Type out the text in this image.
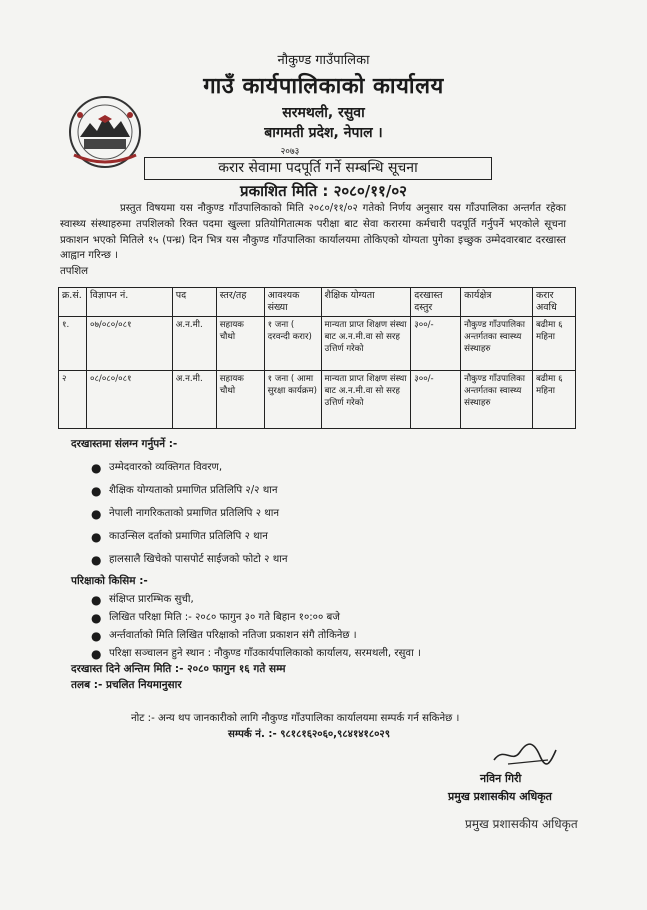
नौकुण्ड गाउँपालिका
गाउँ कार्यपालिकाको कार्यालय
सरमथली, रसुवा
बागमती प्रदेश, नेपाल ।
२०७३
करार सेवामा पदपूर्ति गर्ने सम्बन्धि सूचना
प्रकाशित मिति : २०८०/११/०२
प्रस्तुत विषयमा यस नौकुण्ड गाँउपालिकाको मिति २०८०/११/०२ गतेको निर्णय अनुसार यस गाँउपालिका अन्तर्गत रहेका स्वास्थ्य संस्थाहरुमा तपशिलको रिक्त पदमा खुल्ला प्रतियोगितात्मक परीक्षा बाट सेवा करारमा कर्मचारी पदपूर्ति गर्नुपर्ने भएकोले सूचना प्रकाशन भएको मितिले १५ (पन्ध्र) दिन भित्र यस नौकुण्ड गाँउपालिका कार्यालयमा तोकिएको योग्यता पुगेका इच्छुक उम्मेदवारबाट दरखास्त आह्वान गरिन्छ ।
तपशिल
क्र.सं.	विज्ञापन नं.	पद	स्तर/तह	आवश्यक संख्या	शैक्षिक योग्यता	दरखास्त दस्तुर	कार्यक्षेत्र	करार अवधि
१.	०७/०८०/०८१	अ.न.मी.	सहायक चौथो	१ जना ( दरवन्दी करार)	मान्यता प्राप्त शिक्षण संस्था बाट अ.न.मी.वा सो सरह उत्तिर्ण गरेको	३००/-	नौकुण्ड गाँउपालिका अन्तर्गतका स्वास्थ्य संस्थाहरु	बढीमा ६ महिना
२	०८/०८०/०८१	अ.न.मी.	सहायक चौथो	१ जना ( आमा सुरक्षा कार्यक्रम)	मान्यता प्राप्त शिक्षण संस्था बाट अ.न.मी.वा सो सरह उत्तिर्ण गरेको	३००/-	नौकुण्ड गाँउपालिका अन्तर्गतका स्वास्थ्य संस्थाहरु	बढीमा ६ महिना
दरखास्तमा संलग्न गर्नुपर्ने :-
● उम्मेदवारको व्यक्तिगत विवरण,
● शैक्षिक योग्यताको प्रमाणित प्रतिलिपि २/२ थान
● नेपाली नागरिकताको प्रमाणित प्रतिलिपि २ थान
● काउन्सिल दर्ताको प्रमाणित प्रतिलिपि २ थान
● हालसालै खिचेको पासपोर्ट साईजको फोटो २ थान
परिक्षाको किसिम :-
● संक्षिप्त प्रारम्भिक सुची,
● लिखित परिक्षा मिति :- २०८० फागुन ३० गते बिहान १०:०० बजे
● अर्न्तवार्ताको मिति लिखित परिक्षाको नतिजा प्रकाशन संगै तोकिनेछ ।
● परिक्षा सञ्चालन हुने स्थान : नौकुण्ड गाँउकार्यपालिकाको कार्यालय, सरमथली, रसुवा ।
दरखास्त दिने अन्तिम मिति :- २०८० फागुन १६ गते सम्म
तलब :- प्रचलित नियमानुसार
नोट :- अन्य थप जानकारीको लागि नौकुण्ड गाँउपालिका कार्यालयमा सम्पर्क गर्न सकिनेछ ।
सम्पर्क नं. :- ९८१८१६२०६०,९८४१४१८०२९
नविन गिरी
प्रमुख प्रशासकीय अधिकृत
प्रमुख प्रशासकीय अधिकृत
